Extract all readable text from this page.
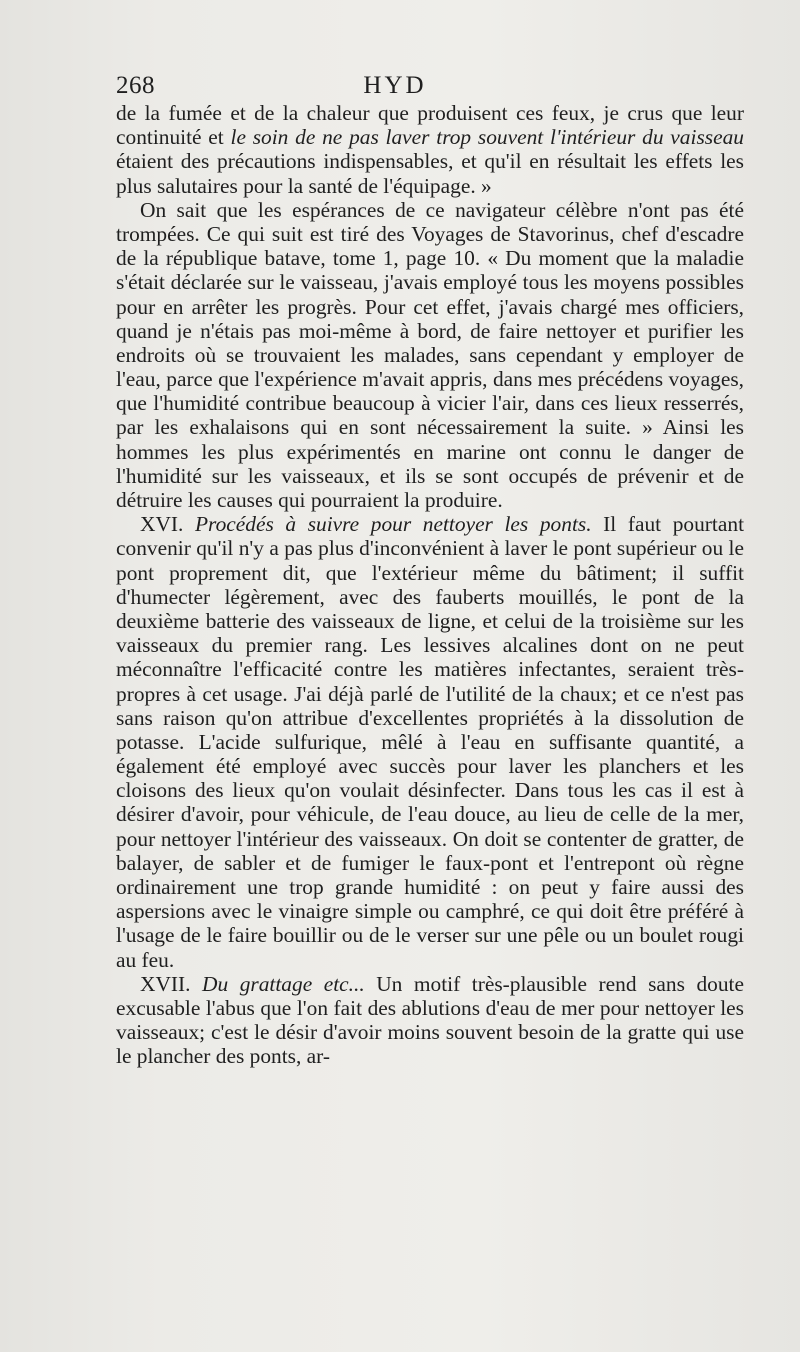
268	HYD

de la fumée et de la chaleur que produisent ces feux, je crus que leur continuité et le soin de ne pas laver trop souvent l'intérieur du vaisseau étaient des précautions indispensables, et qu'il en résultait les effets les plus salutaires pour la santé de l'équipage. »

On sait que les espérances de ce navigateur célèbre n'ont pas été trompées. Ce qui suit est tiré des Voyages de Stavorinus, chef d'escadre de la république batave, tome 1, page 10. « Du moment que la maladie s'était déclarée sur le vaisseau, j'avais employé tous les moyens possibles pour en arrêter les progrès. Pour cet effet, j'avais chargé mes officiers, quand je n'étais pas moi-même à bord, de faire nettoyer et purifier les endroits où se trouvaient les malades, sans cependant y employer de l'eau, parce que l'expérience m'avait appris, dans mes précédens voyages, que l'humidité contribue beaucoup à vicier l'air, dans ces lieux resserrés, par les exhalaisons qui en sont nécessairement la suite. » Ainsi les hommes les plus expérimentés en marine ont connu le danger de l'humidité sur les vaisseaux, et ils se sont occupés de prévenir et de détruire les causes qui pourraient la produire.

XVI. Procédés à suivre pour nettoyer les ponts. Il faut pourtant convenir qu'il n'y a pas plus d'inconvénient à laver le pont supérieur ou le pont proprement dit, que l'extérieur même du bâtiment; il suffit d'humecter légèrement, avec des fauberts mouillés, le pont de la deuxième batterie des vaisseaux de ligne, et celui de la troisième sur les vaisseaux du premier rang. Les lessives alcalines dont on ne peut méconnaître l'efficacité contre les matières infectantes, seraient très-propres à cet usage. J'ai déjà parlé de l'utilité de la chaux; et ce n'est pas sans raison qu'on attribue d'excellentes propriétés à la dissolution de potasse. L'acide sulfurique, mêlé à l'eau en suffisante quantité, a également été employé avec succès pour laver les planchers et les cloisons des lieux qu'on voulait désinfecter. Dans tous les cas il est à désirer d'avoir, pour véhicule, de l'eau douce, au lieu de celle de la mer, pour nettoyer l'intérieur des vaisseaux. On doit se contenter de gratter, de balayer, de sabler et de fumiger le faux-pont et l'entrepont où règne ordinairement une trop grande humidité : on peut y faire aussi des aspersions avec le vinaigre simple ou camphré, ce qui doit être préféré à l'usage de le faire bouillir ou de le verser sur une pêle ou un boulet rougi au feu.

XVII. Du grattage etc... Un motif très-plausible rend sans doute excusable l'abus que l'on fait des ablutions d'eau de mer pour nettoyer les vaisseaux; c'est le désir d'avoir moins souvent besoin de la gratte qui use le plancher des ponts, ar-
